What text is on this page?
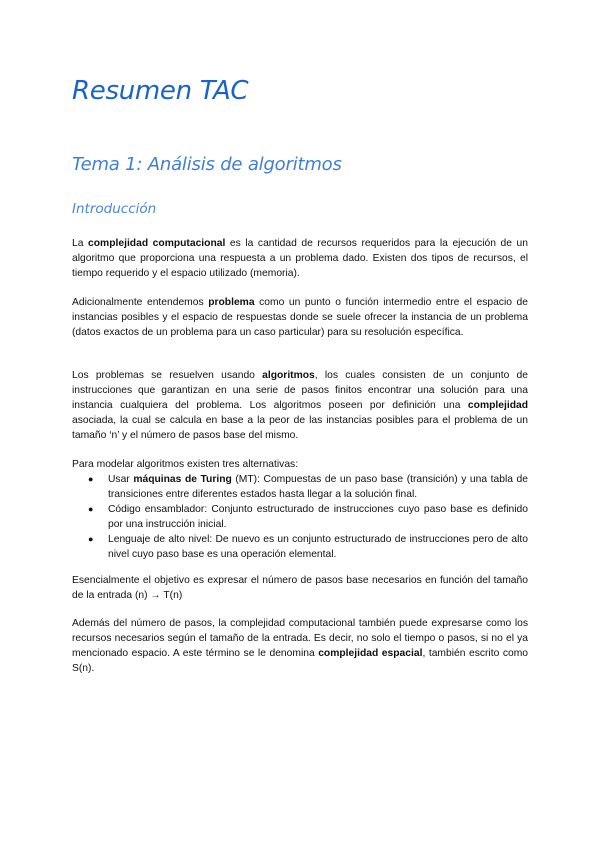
Resumen TAC
Tema 1: Análisis de algoritmos
Introducción

La complejidad computacional es la cantidad de recursos requeridos para la ejecución de un algoritmo que proporciona una respuesta a un problema dado. Existen dos tipos de recursos, el tiempo requerido y el espacio utilizado (memoria).

Adicionalmente entendemos problema como un punto o función intermedio entre el espacio de instancias posibles y el espacio de respuestas donde se suele ofrecer la instancia de un problema (datos exactos de un problema para un caso particular) para su resolución específica.

Los problemas se resuelven usando algoritmos, los cuales consisten de un conjunto de instrucciones que garantizan en una serie de pasos finitos encontrar una solución para una instancia cualquiera del problema. Los algoritmos poseen por definición una complejidad asociada, la cual se calcula en base a la peor de las instancias posibles para el problema de un tamaño ‘n’ y el número de pasos base del mismo.

Para modelar algoritmos existen tres alternativas:

● Usar máquinas de Turing (MT): Compuestas de un paso base (transición) y una tabla de transiciones entre diferentes estados hasta llegar a la solución final.
● Código ensamblador: Conjunto estructurado de instrucciones cuyo paso base es definido por una instrucción inicial.
● Lenguaje de alto nivel: De nuevo es un conjunto estructurado de instrucciones pero de alto nivel cuyo paso base es una operación elemental.

Esencialmente el objetivo es expresar el número de pasos base necesarios en función del tamaño de la entrada (n) → T(n)

Además del número de pasos, la complejidad computacional también puede expresarse como los recursos necesarios según el tamaño de la entrada. Es decir, no solo el tiempo o pasos, si no el ya mencionado espacio. A este término se le denomina complejidad espacial, también escrito como S(n).
